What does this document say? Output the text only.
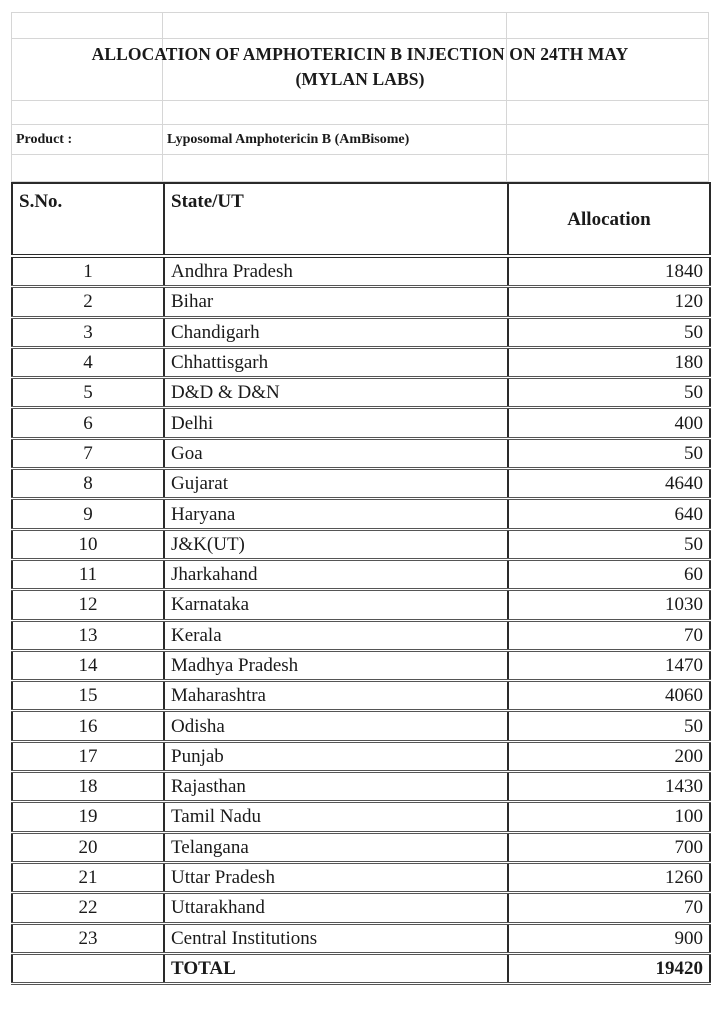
ALLOCATION OF AMPHOTERICIN B INJECTION ON 24TH MAY
(MYLAN LABS)
Product :	Lyposomal Amphotericin B (AmBisome)
S.No.	State/UT	Allocation
1	Andhra Pradesh	1840
2	Bihar	120
3	Chandigarh	50
4	Chhattisgarh	180
5	D&D & D&N	50
6	Delhi	400
7	Goa	50
8	Gujarat	4640
9	Haryana	640
10	J&K(UT)	50
11	Jharkahand	60
12	Karnataka	1030
13	Kerala	70
14	Madhya Pradesh	1470
15	Maharashtra	4060
16	Odisha	50
17	Punjab	200
18	Rajasthan	1430
19	Tamil Nadu	100
20	Telangana	700
21	Uttar Pradesh	1260
22	Uttarakhand	70
23	Central Institutions	900
	TOTAL	19420
